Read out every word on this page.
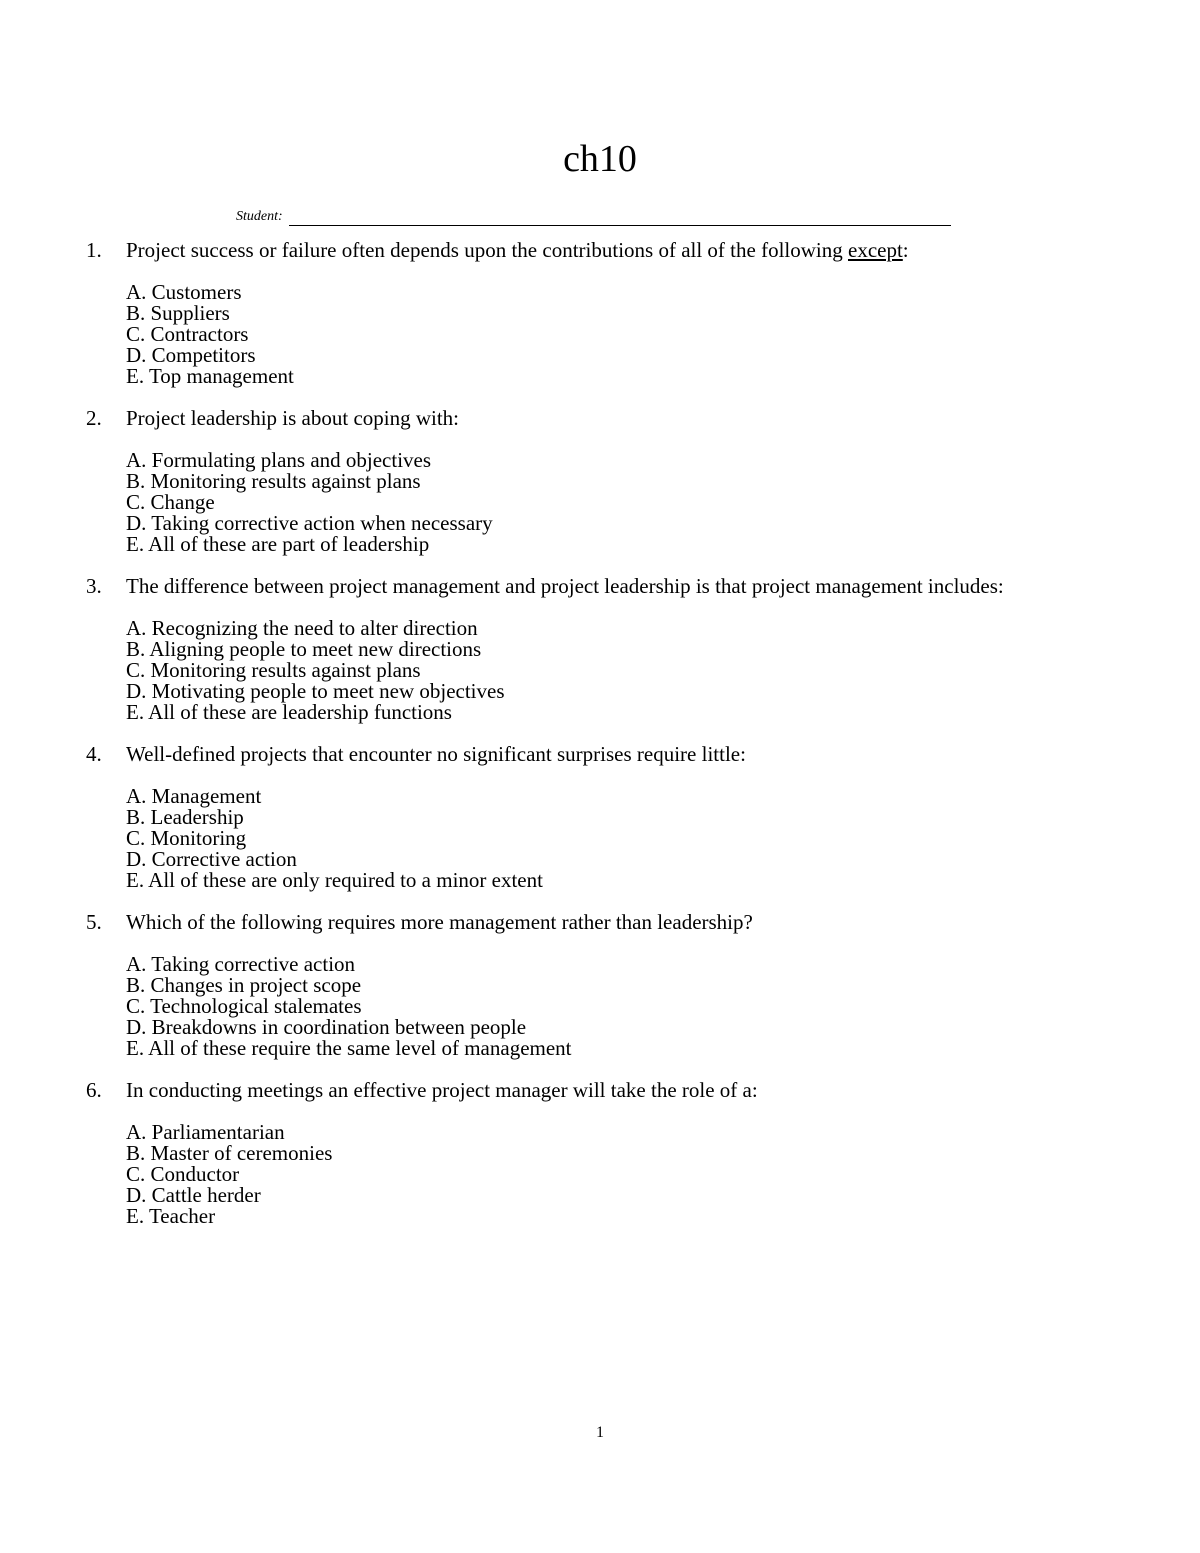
ch10
Student:
1. Project success or failure often depends upon the contributions of all of the following except:
A. Customers
B. Suppliers
C. Contractors
D. Competitors
E. Top management
2. Project leadership is about coping with:
A. Formulating plans and objectives
B. Monitoring results against plans
C. Change
D. Taking corrective action when necessary
E. All of these are part of leadership
3. The difference between project management and project leadership is that project management includes:
A. Recognizing the need to alter direction
B. Aligning people to meet new directions
C. Monitoring results against plans
D. Motivating people to meet new objectives
E. All of these are leadership functions
4. Well-defined projects that encounter no significant surprises require little:
A. Management
B. Leadership
C. Monitoring
D. Corrective action
E. All of these are only required to a minor extent
5. Which of the following requires more management rather than leadership?
A. Taking corrective action
B. Changes in project scope
C. Technological stalemates
D. Breakdowns in coordination between people
E. All of these require the same level of management
6. In conducting meetings an effective project manager will take the role of a:
A. Parliamentarian
B. Master of ceremonies
C. Conductor
D. Cattle herder
E. Teacher
1
